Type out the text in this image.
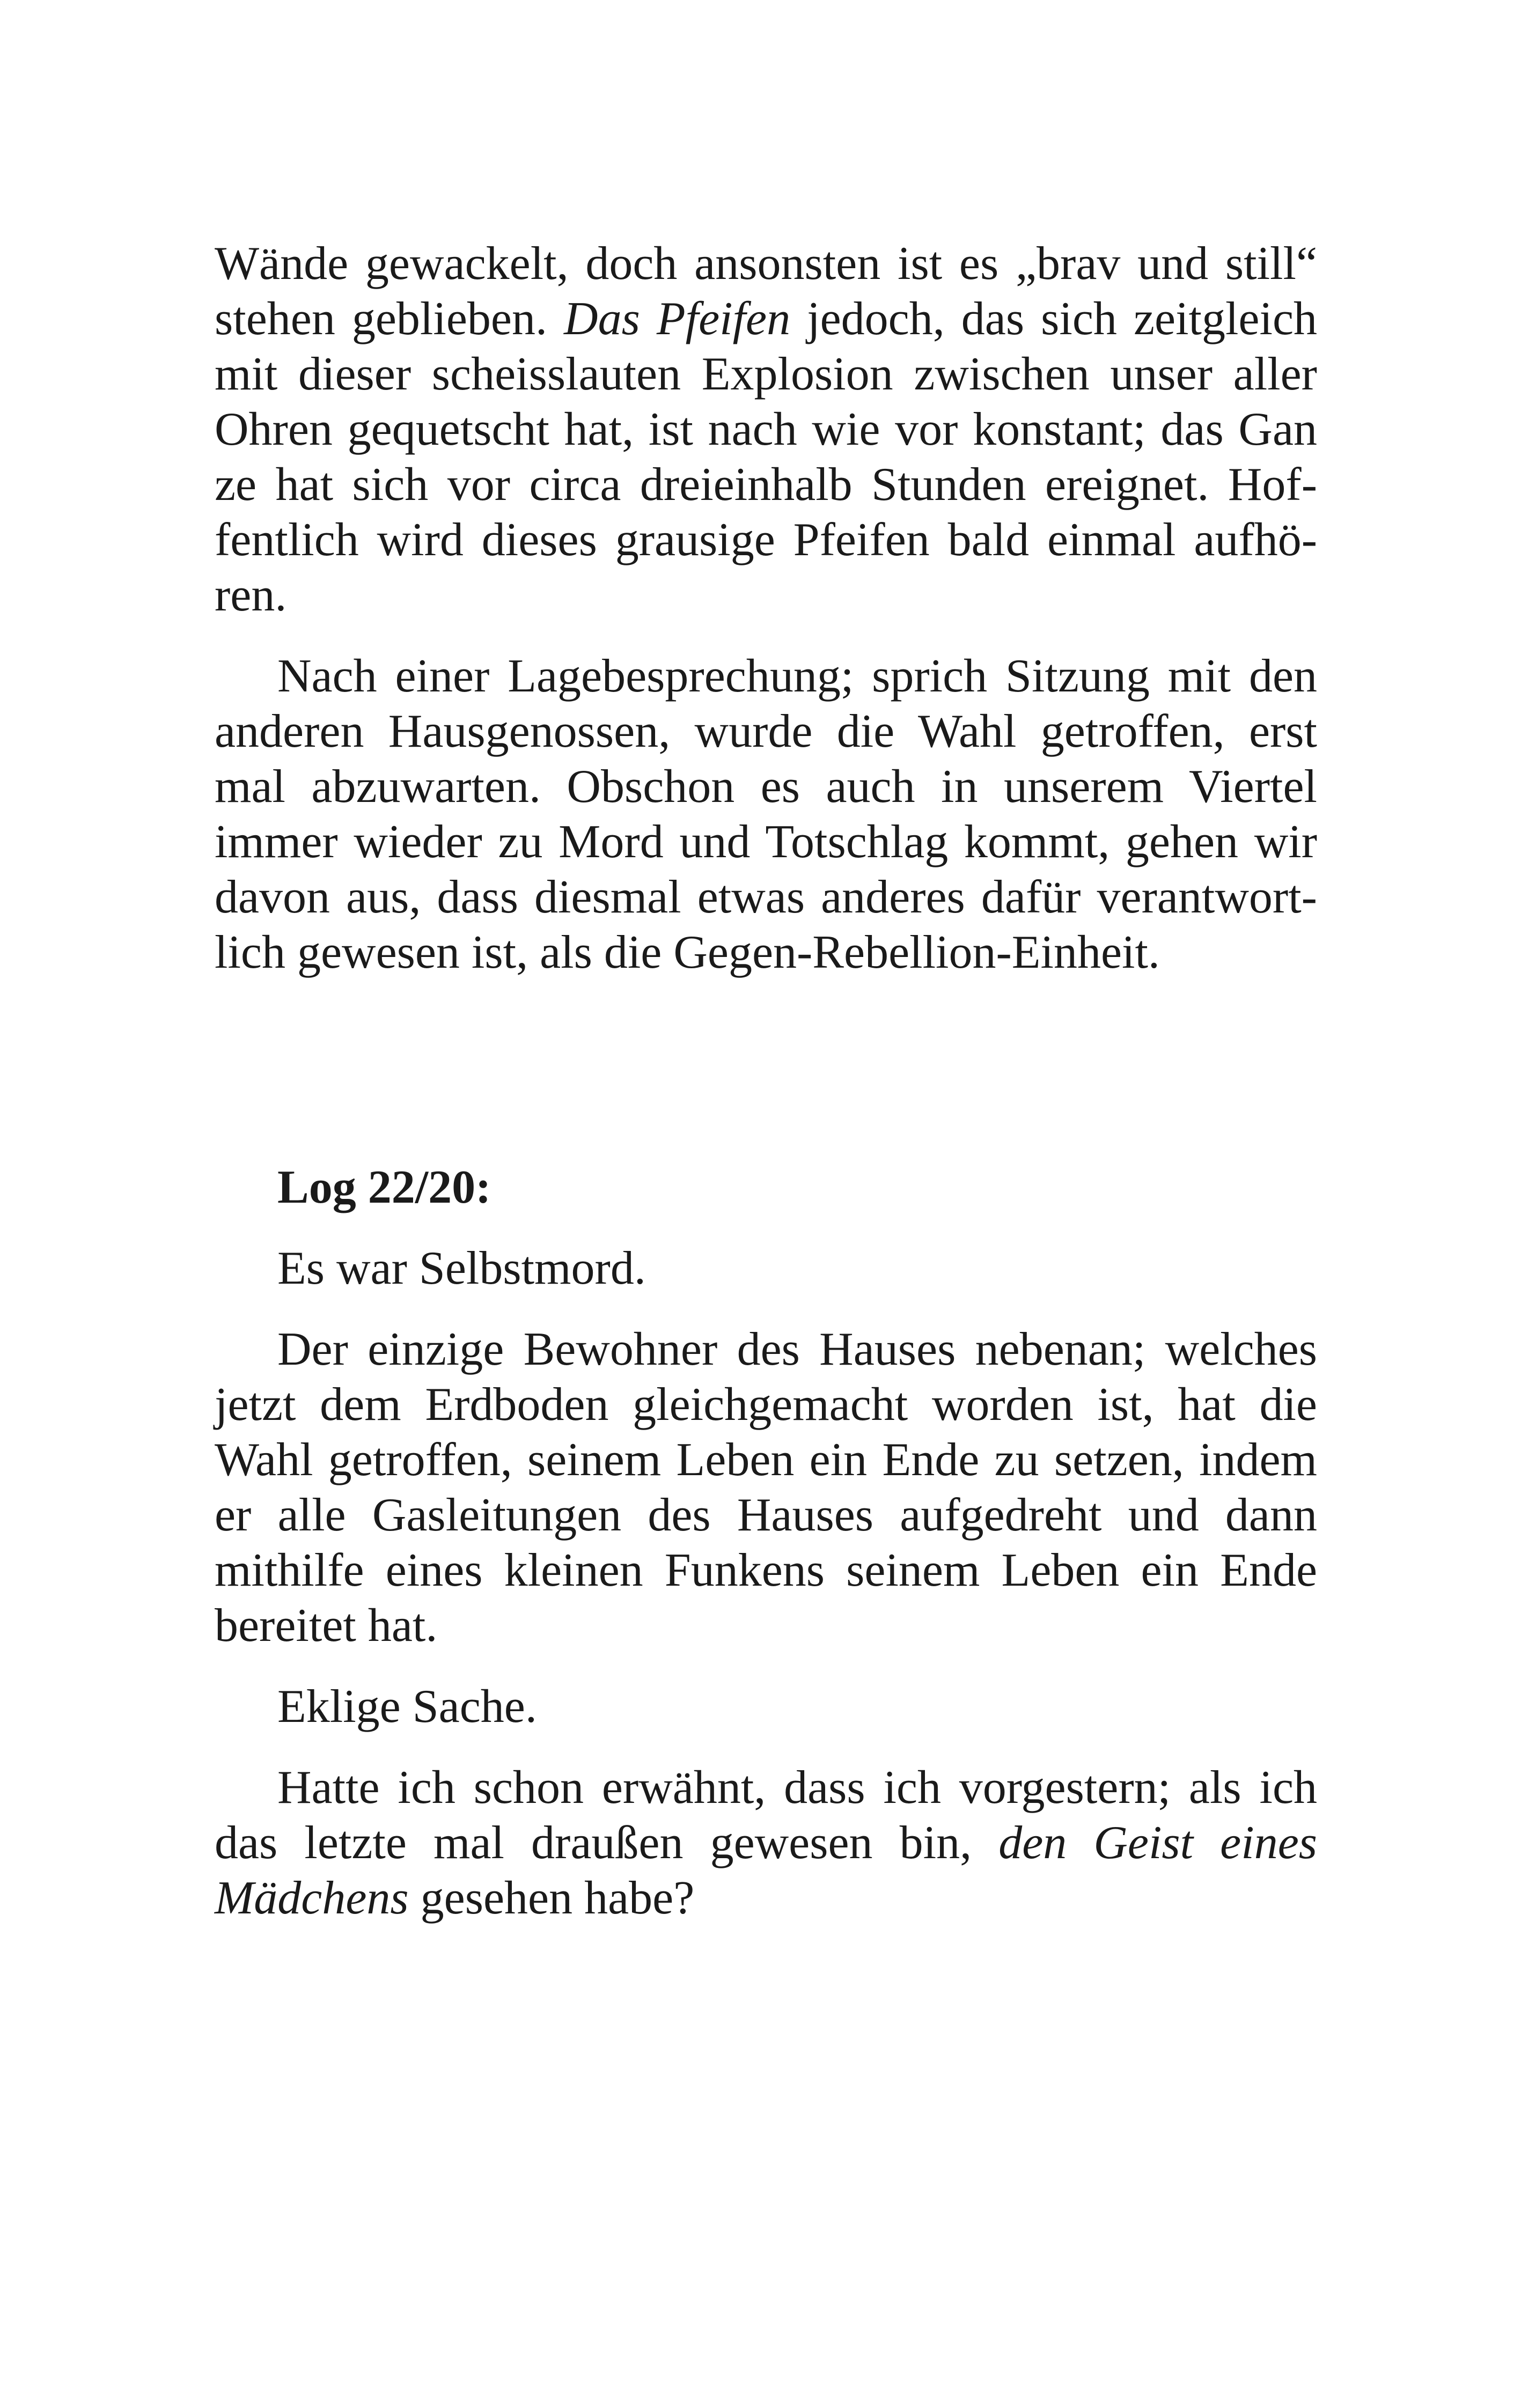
Wände gewackelt, doch ansonsten ist es „brav und still“
stehen geblieben. Das Pfeifen jedoch, das sich zeitgleich
mit dieser scheisslauten Explosion zwischen unser aller
Ohren gequetscht hat, ist nach wie vor konstant; das Gan
ze hat sich vor circa dreieinhalb Stunden ereignet. Hof-
fentlich wird dieses grausige Pfeifen bald einmal aufhö-
ren.
Nach einer Lagebesprechung; sprich Sitzung mit den
anderen Hausgenossen, wurde die Wahl getroffen, erst
mal abzuwarten. Obschon es auch in unserem Viertel
immer wieder zu Mord und Totschlag kommt, gehen wir
davon aus, dass diesmal etwas anderes dafür verantwort-
lich gewesen ist, als die Gegen-Rebellion-Einheit.
Log 22/20:
Es war Selbstmord.
Der einzige Bewohner des Hauses nebenan; welches
jetzt dem Erdboden gleichgemacht worden ist, hat die
Wahl getroffen, seinem Leben ein Ende zu setzen, indem
er alle Gasleitungen des Hauses aufgedreht und dann
mithilfe eines kleinen Funkens seinem Leben ein Ende
bereitet hat.
Eklige Sache.
Hatte ich schon erwähnt, dass ich vorgestern; als ich
das letzte mal draußen gewesen bin, den Geist eines
Mädchens gesehen habe?
